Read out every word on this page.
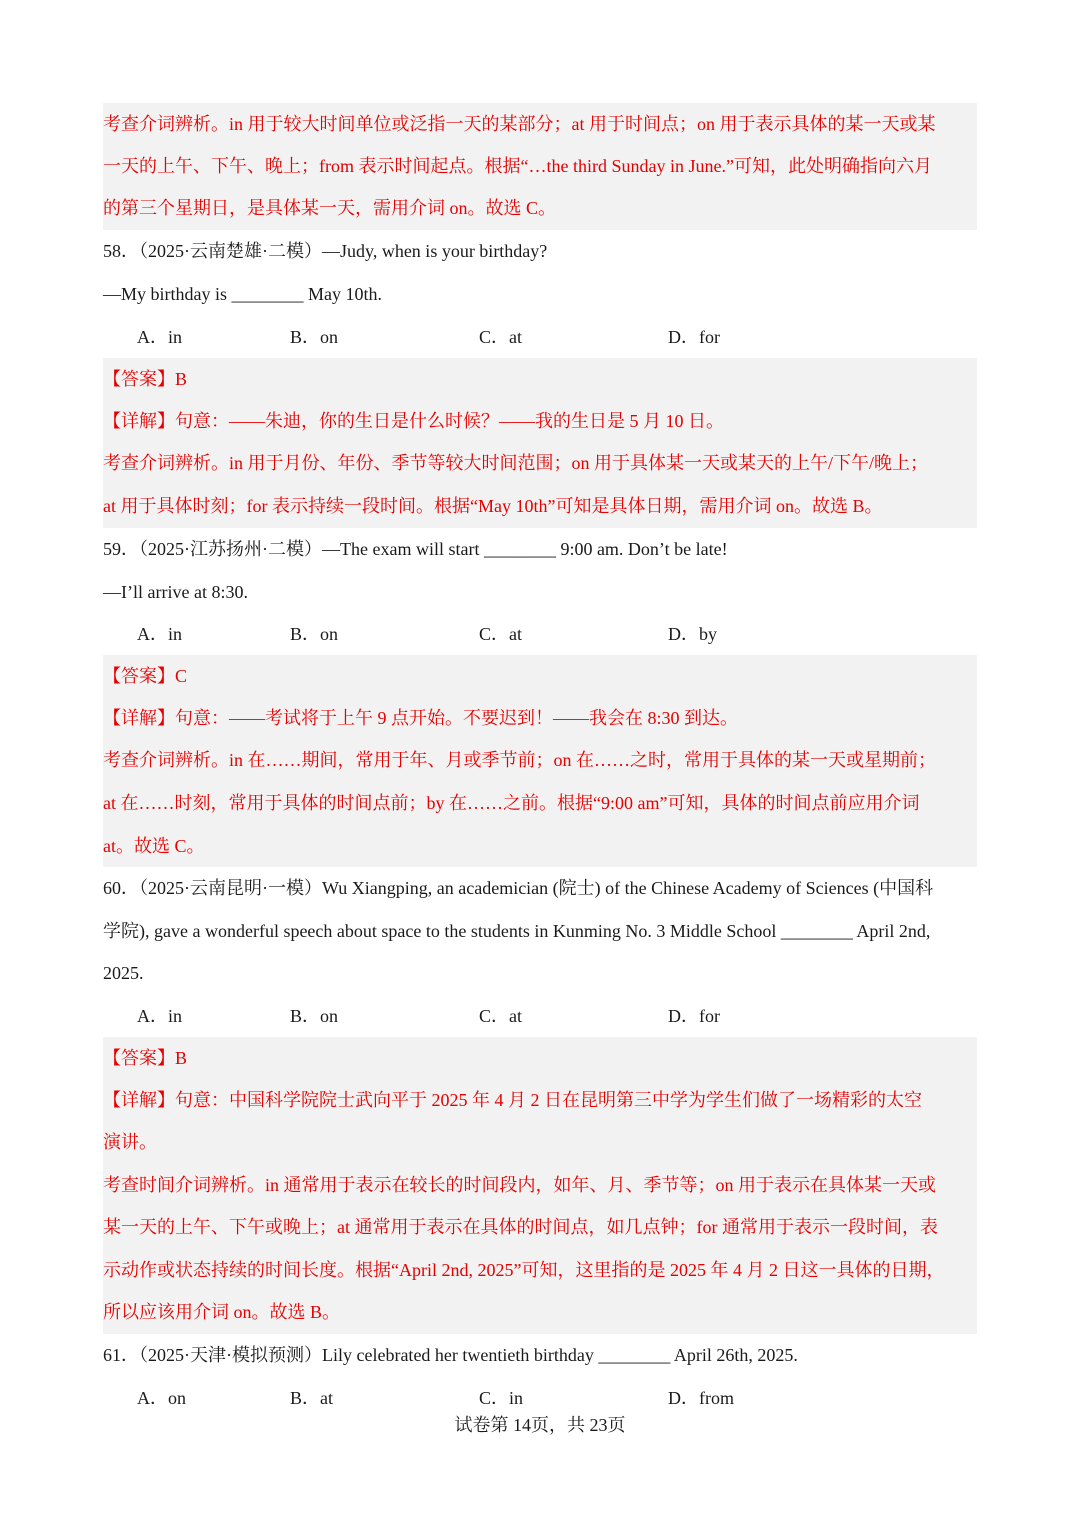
考查介词辨析。in 用于较大时间单位或泛指一天的某部分；at 用于时间点；on 用于表示具体的某一天或某
一天的上午、下午、晚上；from 表示时间起点。根据“…the third Sunday in June.”可知，此处明确指向六月
的第三个星期日，是具体某一天，需用介词 on。故选 C。
58．（2025·云南楚雄·二模）—Judy, when is your birthday?
—My birthday is ________ May 10th.
A．in	B．on	C．at	D．for
【答案】B
【详解】句意：——朱迪，你的生日是什么时候？——我的生日是 5 月 10 日。
考查介词辨析。in 用于月份、年份、季节等较大时间范围；on 用于具体某一天或某天的上午/下午/晚上；
at 用于具体时刻；for 表示持续一段时间。根据“May 10th”可知是具体日期，需用介词 on。故选 B。
59．（2025·江苏扬州·二模）—The exam will start ________ 9:00 am. Don’t be late!
—I’ll arrive at 8:30.
A．in	B．on	C．at	D．by
【答案】C
【详解】句意：——考试将于上午 9 点开始。不要迟到！——我会在 8:30 到达。
考查介词辨析。in 在……期间，常用于年、月或季节前；on 在……之时，常用于具体的某一天或星期前；
at 在……时刻，常用于具体的时间点前；by 在……之前。根据“9:00 am”可知，具体的时间点前应用介词
at。故选 C。
60．（2025·云南昆明·一模）Wu Xiangping, an academician (院士) of the Chinese Academy of Sciences (中国科
学院), gave a wonderful speech about space to the students in Kunming No. 3 Middle School ________ April 2nd,
2025.
A．in	B．on	C．at	D．for
【答案】B
【详解】句意：中国科学院院士武向平于 2025 年 4 月 2 日在昆明第三中学为学生们做了一场精彩的太空
演讲。
考查时间介词辨析。in 通常用于表示在较长的时间段内，如年、月、季节等；on 用于表示在具体某一天或
某一天的上午、下午或晚上；at 通常用于表示在具体的时间点，如几点钟；for 通常用于表示一段时间，表
示动作或状态持续的时间长度。根据“April 2nd, 2025”可知，这里指的是 2025 年 4 月 2 日这一具体的日期，
所以应该用介词 on。故选 B。
61．（2025·天津·模拟预测）Lily celebrated her twentieth birthday ________ April 26th, 2025.
A．on	B．at	C．in	D．from
试卷第 14页，共 23页
